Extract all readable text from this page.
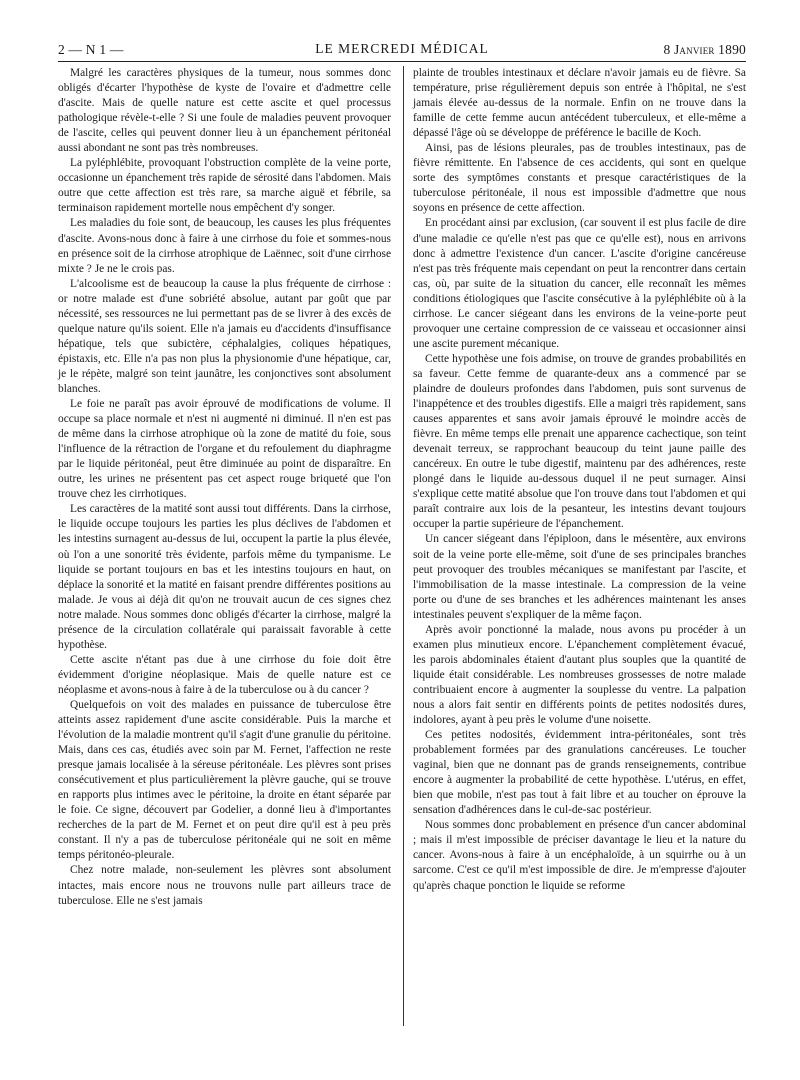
2 — N 1 —	LE MERCREDI MÉDICAL	8 Janvier 1890

Malgré les caractères physiques de la tumeur, nous sommes donc obligés d'écarter l'hypothèse de kyste de l'ovaire et d'admettre celle d'ascite. Mais de quelle nature est cette ascite et quel processus pathologique révèle-t-elle ? Si une foule de maladies peuvent provoquer de l'ascite, celles qui peuvent donner lieu à un épanchement péritonéal aussi abondant ne sont pas très nombreuses.

La pyléphlébite, provoquant l'obstruction complète de la veine porte, occasionne un épanchement très rapide de sérosité dans l'abdomen. Mais outre que cette affection est très rare, sa marche aiguë et fébrile, sa terminaison rapidement mortelle nous empêchent d'y songer.

Les maladies du foie sont, de beaucoup, les causes les plus fréquentes d'ascite. Avons-nous donc à faire à une cirrhose du foie et sommes-nous en présence soit de la cirrhose atrophique de Laënnec, soit d'une cirrhose mixte ? Je ne le crois pas.

L'alcoolisme est de beaucoup la cause la plus fréquente de cirrhose : or notre malade est d'une sobriété absolue, autant par goût que par nécessité, ses ressources ne lui permettant pas de se livrer à des excès de quelque nature qu'ils soient. Elle n'a jamais eu d'accidents d'insuffisance hépatique, tels que subictère, céphalalgies, coliques hépatiques, épistaxis, etc. Elle n'a pas non plus la physionomie d'une hépatique, car, je le répète, malgré son teint jaunâtre, les conjonctives sont absolument blanches.

Le foie ne paraît pas avoir éprouvé de modifications de volume. Il occupe sa place normale et n'est ni augmenté ni diminué. Il n'en est pas de même dans la cirrhose atrophique où la zone de matité du foie, sous l'influence de la rétraction de l'organe et du refoulement du diaphragme par le liquide péritonéal, peut être diminuée au point de disparaître. En outre, les urines ne présentent pas cet aspect rouge briqueté que l'on trouve chez les cirrhotiques.

Les caractères de la matité sont aussi tout différents. Dans la cirrhose, le liquide occupe toujours les parties les plus déclives de l'abdomen et les intestins surnagent au-dessus de lui, occupent la partie la plus élevée, où l'on a une sonorité très évidente, parfois même du tympanisme. Le liquide se portant toujours en bas et les intestins toujours en haut, on déplace la sonorité et la matité en faisant prendre différentes positions au malade. Je vous ai déjà dit qu'on ne trouvait aucun de ces signes chez notre malade. Nous sommes donc obligés d'écarter la cirrhose, malgré la présence de la circulation collatérale qui paraissait favorable à cette hypothèse.

Cette ascite n'étant pas due à une cirrhose du foie doit être évidemment d'origine néoplasique. Mais de quelle nature est ce néoplasme et avons-nous à faire à de la tuberculose ou à du cancer ?

Quelquefois on voit des malades en puissance de tuberculose être atteints assez rapidement d'une ascite considérable. Puis la marche et l'évolution de la maladie montrent qu'il s'agit d'une granulie du péritoine. Mais, dans ces cas, étudiés avec soin par M. Fernet, l'affection ne reste presque jamais localisée à la séreuse péritonéale. Les plèvres sont prises consécutivement et plus particulièrement la plèvre gauche, qui se trouve en rapports plus intimes avec le péritoine, la droite en étant séparée par le foie. Ce signe, découvert par Godelier, a donné lieu à d'importantes recherches de la part de M. Fernet et on peut dire qu'il est à peu près constant. Il n'y a pas de tuberculose péritonéale qui ne soit en même temps péritonéo-pleurale.

Chez notre malade, non-seulement les plèvres sont absolument intactes, mais encore nous ne trouvons nulle part ailleurs trace de tuberculose. Elle ne s'est jamais

plainte de troubles intestinaux et déclare n'avoir jamais eu de fièvre. Sa température, prise régulièrement depuis son entrée à l'hôpital, ne s'est jamais élevée au-dessus de la normale. Enfin on ne trouve dans la famille de cette femme aucun antécédent tuberculeux, et elle-même a dépassé l'âge où se développe de préférence le bacille de Koch.

Ainsi, pas de lésions pleurales, pas de troubles intestinaux, pas de fièvre rémittente. En l'absence de ces accidents, qui sont en quelque sorte des symptômes constants et presque caractéristiques de la tuberculose péritonéale, il nous est impossible d'admettre que nous soyons en présence de cette affection.

En procédant ainsi par exclusion, (car souvent il est plus facile de dire d'une maladie ce qu'elle n'est pas que ce qu'elle est), nous en arrivons donc à admettre l'existence d'un cancer. L'ascite d'origine cancéreuse n'est pas très fréquente mais cependant on peut la rencontrer dans certain cas, où, par suite de la situation du cancer, elle reconnaît les mêmes conditions étiologiques que l'ascite consécutive à la pyléphlébite où à la cirrhose. Le cancer siégeant dans les environs de la veine-porte peut provoquer une certaine compression de ce vaisseau et occasionner ainsi une ascite purement mécanique.

Cette hypothèse une fois admise, on trouve de grandes probabilités en sa faveur. Cette femme de quarante-deux ans a commencé par se plaindre de douleurs profondes dans l'abdomen, puis sont survenus de l'inappétence et des troubles digestifs. Elle a maigri très rapidement, sans causes apparentes et sans avoir jamais éprouvé le moindre accès de fièvre. En même temps elle prenait une apparence cachectique, son teint devenait terreux, se rapprochant beaucoup du teint jaune paille des cancéreux. En outre le tube digestif, maintenu par des adhérences, reste plongé dans le liquide au-dessous duquel il ne peut surnager. Ainsi s'explique cette matité absolue que l'on trouve dans tout l'abdomen et qui paraît contraire aux lois de la pesanteur, les intestins devant toujours occuper la partie supérieure de l'épanchement.

Un cancer siégeant dans l'épiploon, dans le mésentère, aux environs soit de la veine porte elle-même, soit d'une de ses principales branches peut provoquer des troubles mécaniques se manifestant par l'ascite, et l'immobilisation de la masse intestinale. La compression de la veine porte ou d'une de ses branches et les adhérences maintenant les anses intestinales peuvent s'expliquer de la même façon.

Après avoir ponctionné la malade, nous avons pu procéder à un examen plus minutieux encore. L'épanchement complètement évacué, les parois abdominales étaient d'autant plus souples que la quantité de liquide était considérable. Les nombreuses grossesses de notre malade contribuaient encore à augmenter la souplesse du ventre. La palpation nous a alors fait sentir en différents points de petites nodosités dures, indolores, ayant à peu près le volume d'une noisette.

Ces petites nodosités, évidemment intra-péritonéales, sont très probablement formées par des granulations cancéreuses. Le toucher vaginal, bien que ne donnant pas de grands renseignements, contribue encore à augmenter la probabilité de cette hypothèse. L'utérus, en effet, bien que mobile, n'est pas tout à fait libre et au toucher on éprouve la sensation d'adhérences dans le cul-de-sac postérieur.

Nous sommes donc probablement en présence d'un cancer abdominal ; mais il m'est impossible de préciser davantage le lieu et la nature du cancer. Avons-nous à faire à un encéphaloïde, à un squirrhe ou à un sarcome. C'est ce qu'il m'est impossible de dire. Je m'empresse d'ajouter qu'après chaque ponction le liquide se reforme
